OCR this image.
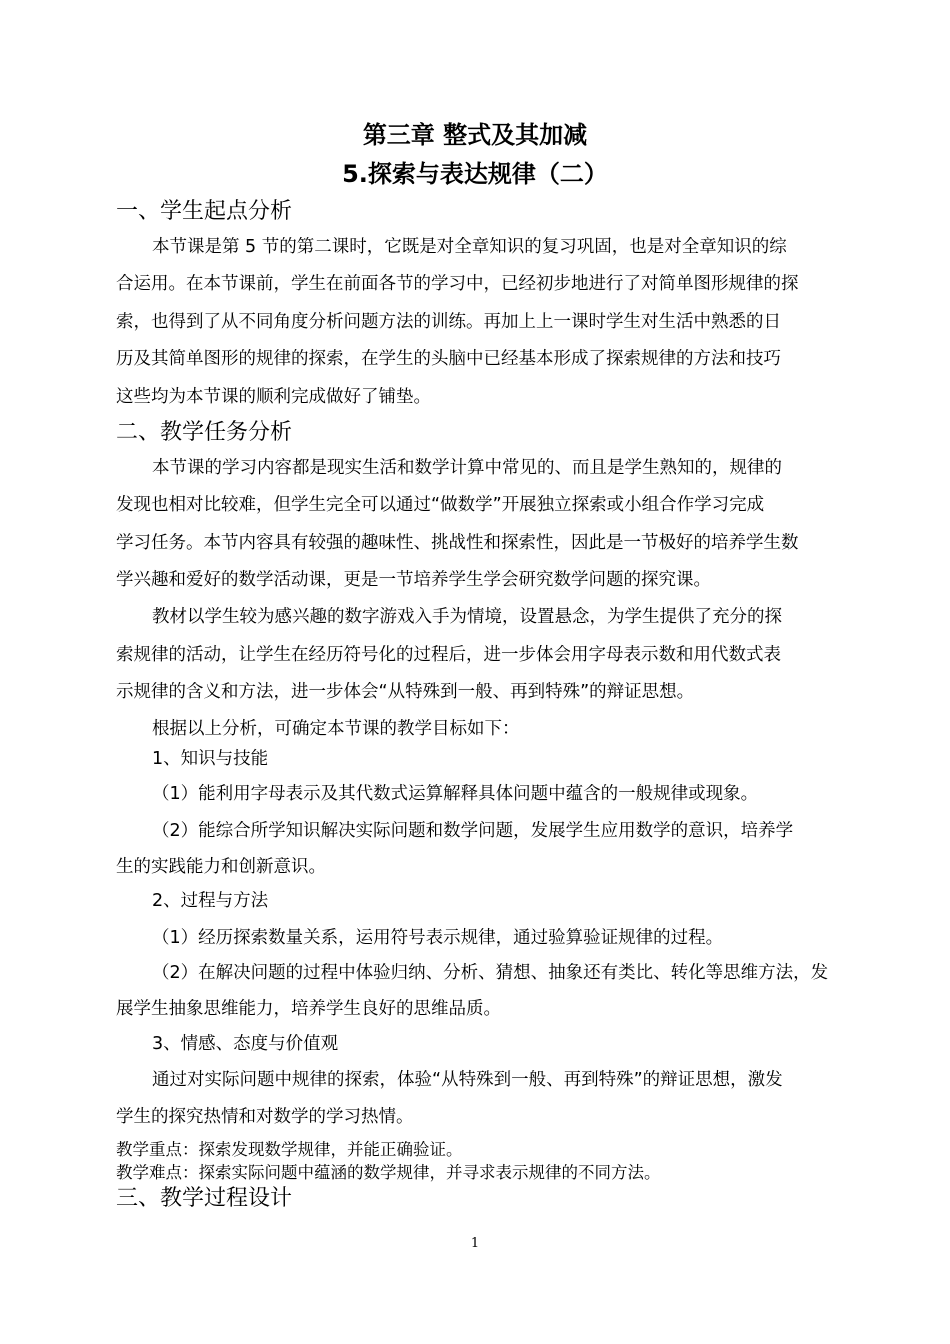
第三章 整式及其加减
5.探索与表达规律（二）
一、学生起点分析
本节课是第 5 节的第二课时，它既是对全章知识的复习巩固，也是对全章知识的综
合运用。在本节课前，学生在前面各节的学习中，已经初步地进行了对简单图形规律的探
索，也得到了从不同角度分析问题方法的训练。再加上上一课时学生对生活中熟悉的日
历及其简单图形的规律的探索，在学生的头脑中已经基本形成了探索规律的方法和技巧
这些均为本节课的顺利完成做好了铺垫。
二、教学任务分析
本节课的学习内容都是现实生活和数学计算中常见的、而且是学生熟知的，规律的
发现也相对比较难，但学生完全可以通过“做数学”开展独立探索或小组合作学习完成
学习任务。本节内容具有较强的趣味性、挑战性和探索性，因此是一节极好的培养学生数
学兴趣和爱好的数学活动课，更是一节培养学生学会研究数学问题的探究课。
教材以学生较为感兴趣的数字游戏入手为情境，设置悬念，为学生提供了充分的探
索规律的活动，让学生在经历符号化的过程后，进一步体会用字母表示数和用代数式表
示规律的含义和方法，进一步体会“从特殊到一般、再到特殊”的辩证思想。
根据以上分析，可确定本节课的教学目标如下：
1、知识与技能
（1）能利用字母表示及其代数式运算解释具体问题中蕴含的一般规律或现象。
（2）能综合所学知识解决实际问题和数学问题，发展学生应用数学的意识，培养学
生的实践能力和创新意识。
2、过程与方法
（1）经历探索数量关系，运用符号表示规律，通过验算验证规律的过程。
（2）在解决问题的过程中体验归纳、分析、猜想、抽象还有类比、转化等思维方法，发
展学生抽象思维能力，培养学生良好的思维品质。
3、情感、态度与价值观
通过对实际问题中规律的探索，体验“从特殊到一般、再到特殊”的辩证思想，激发
学生的探究热情和对数学的学习热情。
教学重点：探索发现数学规律，并能正确验证。
教学难点：探索实际问题中蕴涵的数学规律，并寻求表示规律的不同方法。
三、教学过程设计
1
